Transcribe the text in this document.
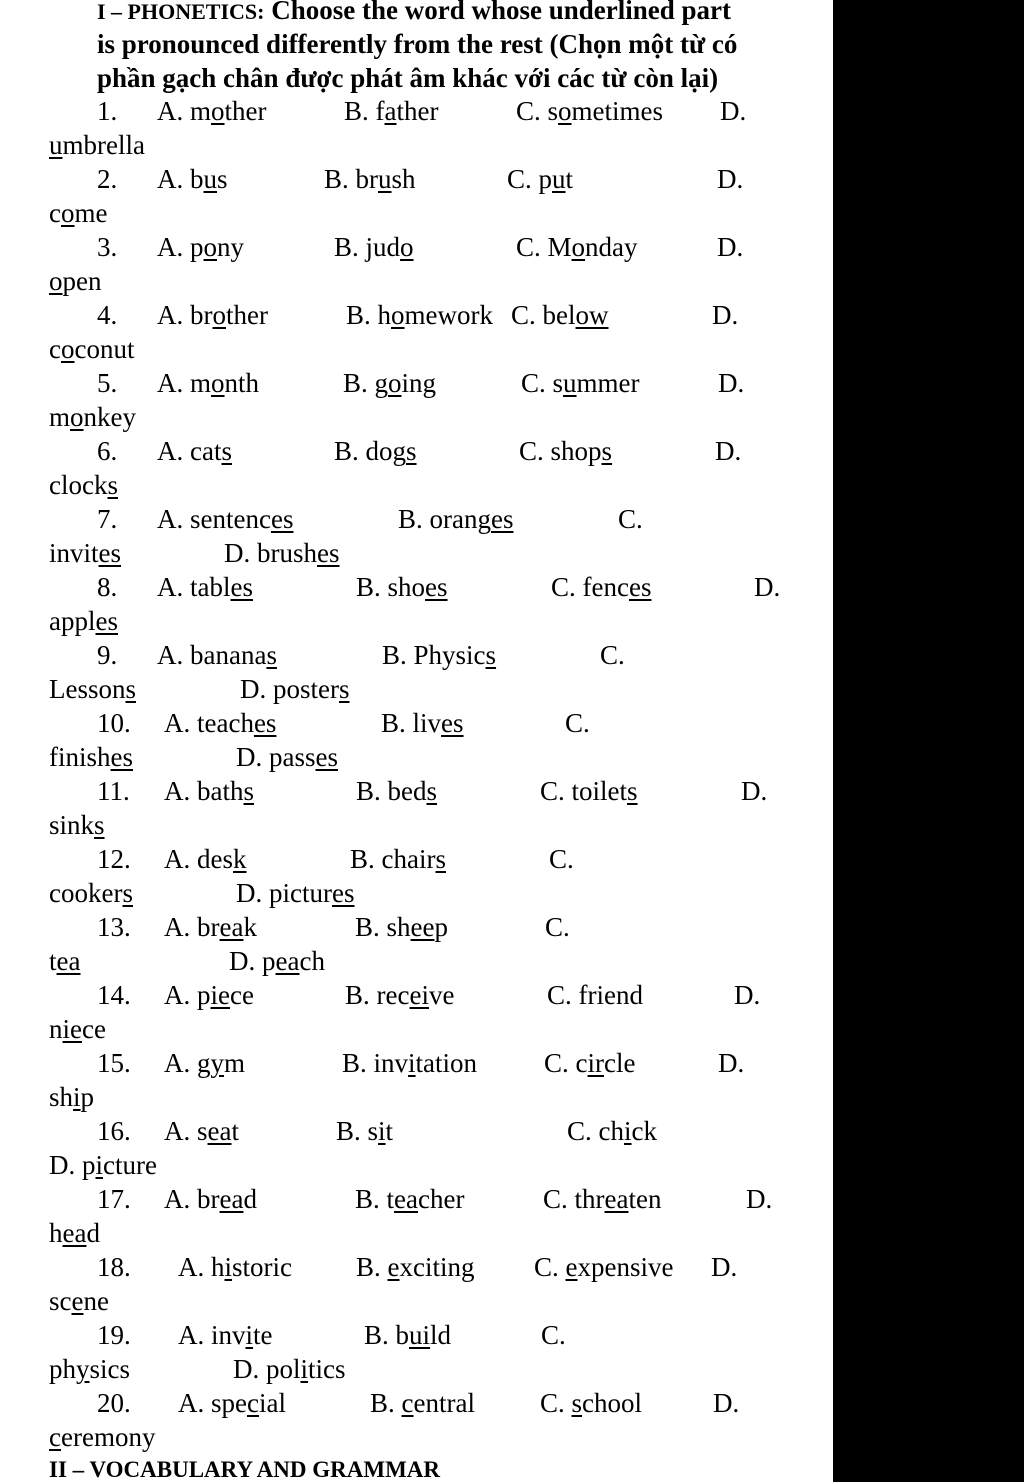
I – PHONETICS: Choose the word whose underlined part
is pronounced differently from the rest (Chọn một từ có
phần gạch chân được phát âm khác với các từ còn lại)
1. A. mother	B. father	C. sometimes D.
umbrella
2. A. bus	B. brush	C. put	D.
come
3. A. pony	B. judo	C. Monday	D.
open
4. A. brother	B. homework C. below	D.
coconut
5. A. month	B. going	C. summer	D.
monkey
6. A. cats	B. dogs	C. shops	D.
clocks
7. A. sentences	B. oranges	C.
invites	D. brushes
8. A. tables	B. shoes	C. fences	D.
apples
9. A. bananas	B. Physics	C.
Lessons	D. posters
10. A. teaches	B. lives	C.
finishes	D. passes
11. A. baths	B. beds	C. toilets	D.
sinks
12. A. desk	B. chairs	C.
cookers	D. pictures
13. A. break	B. sheep	C.
tea	D. peach
14. A. piece	B. receive	C. friend	D.
niece
15. A. gym	B. invitation C. circle	D.
ship
16. A. seat	B. sit	C. chick
D. picture
17. A. bread	B. teacher	C. threaten	D.
head
18. A. historic B. exciting C. expensive D.
scene
19. A. invite	B. build	C.
physics	D. politics
20. A. special	B. central C. school	D.
ceremony
II – VOCABULARY AND GRAMMAR
